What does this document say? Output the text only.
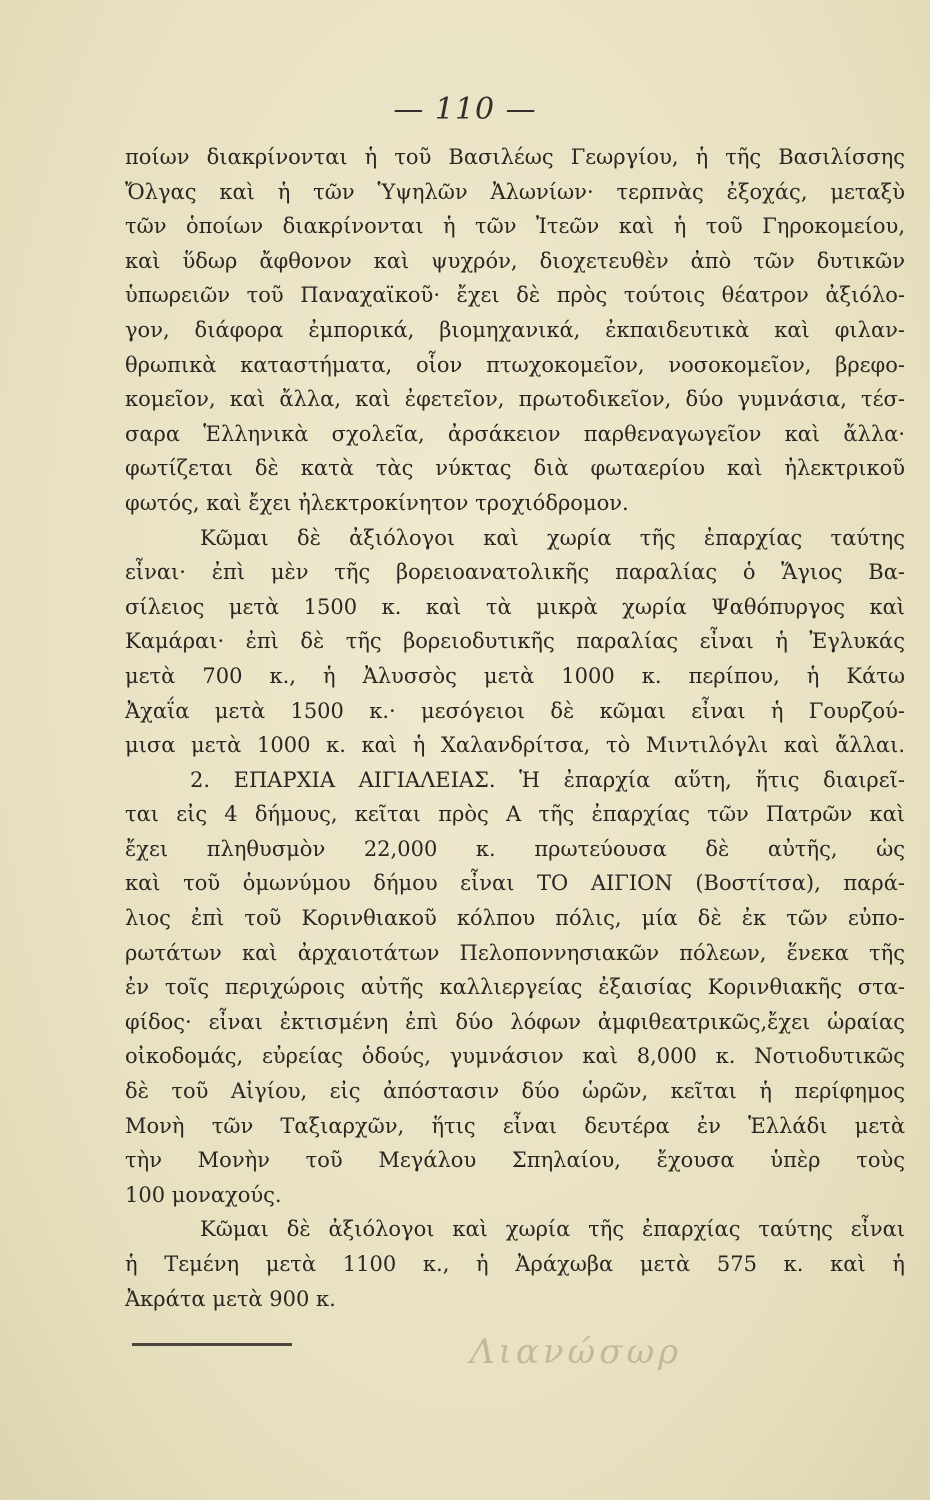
— 110 —
ποίων διακρίνονται ἡ τοῦ Βασιλέως Γεωργίου, ἡ τῆς Βασιλίσσης
Ὄλγας καὶ ἡ τῶν Ὑψηλῶν Ἀλωνίων· τερπνὰς ἐξοχάς, μεταξὺ
τῶν ὁποίων διακρίνονται ἡ τῶν Ἰτεῶν καὶ ἡ τοῦ Γηροκομείου,
καὶ ὕδωρ ἄφθονον καὶ ψυχρόν, διοχετευθὲν ἀπὸ τῶν δυτικῶν
ὑπωρειῶν τοῦ Παναχαϊκοῦ· ἔχει δὲ πρὸς τούτοις θέατρον ἀξιόλο-
γον, διάφορα ἐμπορικά, βιομηχανικά, ἐκπαιδευτικὰ καὶ φιλαν-
θρωπικὰ καταστήματα, οἷον πτωχοκομεῖον, νοσοκομεῖον, βρεφο-
κομεῖον, καὶ ἄλλα, καὶ ἐφετεῖον, πρωτοδικεῖον, δύο γυμνάσια, τέσ-
σαρα Ἑλληνικὰ σχολεῖα, ἀρσάκειον παρθεναγωγεῖον καὶ ἄλλα·
φωτίζεται δὲ κατὰ τὰς νύκτας διὰ φωταερίου καὶ ἠλεκτρικοῦ
φωτός, καὶ ἔχει ἠλεκτροκίνητον τροχιόδρομον.
Κῶμαι δὲ ἀξιόλογοι καὶ χωρία τῆς ἐπαρχίας ταύτης
εἶναι· ἐπὶ μὲν τῆς βορειοανατολικῆς παραλίας ὁ Ἅγιος Βα-
σίλειος μετὰ 1500 κ. καὶ τὰ μικρὰ χωρία Ψαθόπυργος καὶ
Καμάραι· ἐπὶ δὲ τῆς βορειοδυτικῆς παραλίας εἶναι ἡ Ἐγλυκάς
μετὰ 700 κ., ἡ Ἀλυσσὸς μετὰ 1000 κ. περίπου, ἡ Κάτω
Ἀχαΐα μετὰ 1500 κ.· μεσόγειοι δὲ κῶμαι εἶναι ἡ Γουρζού-
μισα μετὰ 1000 κ. καὶ ἡ Χαλανδρίτσα, τὸ Μιντιλόγλι καὶ ἄλλαι.
2. ΕΠΑΡΧΙΑ ΑΙΓΙΑΛΕΙΑΣ. Ἡ ἐπαρχία αὕτη, ἥτις διαιρεῖ-
ται εἰς 4 δήμους, κεῖται πρὸς Α τῆς ἐπαρχίας τῶν Πατρῶν καὶ
ἔχει πληθυσμὸν 22,000 κ. πρωτεύουσα δὲ αὐτῆς, ὡς
καὶ τοῦ ὁμωνύμου δήμου εἶναι ΤΟ ΑΙΓΙΟΝ (Βοστίτσα), παρά-
λιος ἐπὶ τοῦ Κορινθιακοῦ κόλπου πόλις, μία δὲ ἐκ τῶν εὐπο-
ρωτάτων καὶ ἀρχαιοτάτων Πελοποννησιακῶν πόλεων, ἕνεκα τῆς
ἐν τοῖς περιχώροις αὐτῆς καλλιεργείας ἐξαισίας Κορινθιακῆς στα-
φίδος· εἶναι ἐκτισμένη ἐπὶ δύο λόφων ἀμφιθεατρικῶς,ἔχει ὡραίας
οἰκοδομάς, εὐρείας ὁδούς, γυμνάσιον καὶ 8,000 κ. Νοτιοδυτικῶς
δὲ τοῦ Αἰγίου, εἰς ἀπόστασιν δύο ὡρῶν, κεῖται ἡ περίφημος
Μονὴ τῶν Ταξιαρχῶν, ἥτις εἶναι δευτέρα ἐν Ἑλλάδι μετὰ
τὴν Μονὴν τοῦ Μεγάλου Σπηλαίου, ἔχουσα ὑπὲρ τοὺς
100 μοναχούς.
Κῶμαι δὲ ἀξιόλογοι καὶ χωρία τῆς ἐπαρχίας ταύτης εἶναι
ἡ Τεμένη μετὰ 1100 κ., ἡ Ἀράχωβα μετὰ 575 κ. καὶ ἡ
Ἀκράτα μετὰ 900 κ.
Λιανώσωρ
